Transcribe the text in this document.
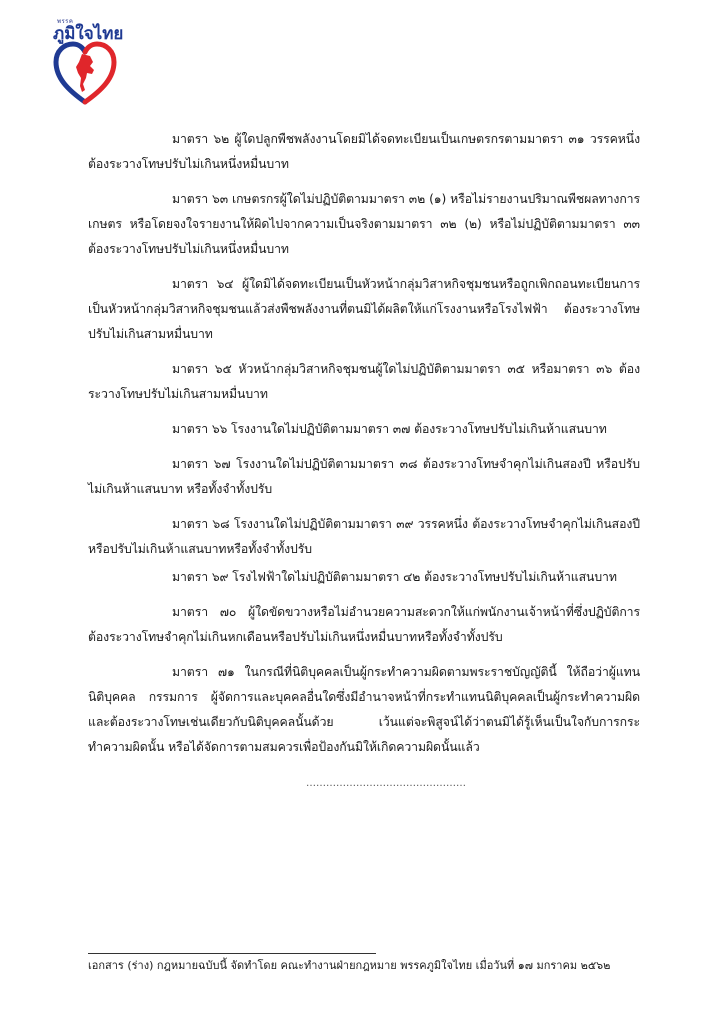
พรรค
ภูมิใจไทย

มาตรา ๖๒ ผู้ใดปลูกพืชพลังงานโดยมิได้จดทะเบียนเป็นเกษตรกรตามมาตรา ๓๑ วรรคหนึ่ง ต้องระวางโทษปรับไม่เกินหนึ่งหมื่นบาท

มาตรา ๖๓ เกษตรกรผู้ใดไม่ปฏิบัติตามมาตรา ๓๒ (๑) หรือไม่รายงานปริมาณพืชผลทางการเกษตร หรือโดยจงใจรายงานให้ผิดไปจากความเป็นจริงตามมาตรา ๓๒ (๒) หรือไม่ปฏิบัติตามมาตรา ๓๓ ต้องระวางโทษปรับไม่เกินหนึ่งหมื่นบาท

มาตรา ๖๔ ผู้ใดมิได้จดทะเบียนเป็นหัวหน้ากลุ่มวิสาหกิจชุมชนหรือถูกเพิกถอนทะเบียนการเป็นหัวหน้ากลุ่มวิสาหกิจชุมชนแล้วส่งพืชพลังงานที่ตนมิได้ผลิตให้แก่โรงงานหรือโรงไฟฟ้า ต้องระวางโทษปรับไม่เกินสามหมื่นบาท

มาตรา ๖๕ หัวหน้ากลุ่มวิสาหกิจชุมชนผู้ใดไม่ปฏิบัติตามมาตรา ๓๕ หรือมาตรา ๓๖ ต้องระวางโทษปรับไม่เกินสามหมื่นบาท

มาตรา ๖๖ โรงงานใดไม่ปฏิบัติตามมาตรา ๓๗ ต้องระวางโทษปรับไม่เกินห้าแสนบาท

มาตรา ๖๗ โรงงานใดไม่ปฏิบัติตามมาตรา ๓๘ ต้องระวางโทษจำคุกไม่เกินสองปี หรือปรับ ไม่เกินห้าแสนบาท หรือทั้งจำทั้งปรับ

มาตรา ๖๘ โรงงานใดไม่ปฏิบัติตามมาตรา ๓๙ วรรคหนึ่ง ต้องระวางโทษจำคุกไม่เกินสองปี หรือปรับไม่เกินห้าแสนบาทหรือทั้งจำทั้งปรับ

มาตรา ๖๙ โรงไฟฟ้าใดไม่ปฏิบัติตามมาตรา ๔๒ ต้องระวางโทษปรับไม่เกินห้าแสนบาท

มาตรา ๗๐ ผู้ใดขัดขวางหรือไม่อำนวยความสะดวกให้แก่พนักงานเจ้าหน้าที่ซึ่งปฏิบัติการต้องระวางโทษจำคุกไม่เกินหกเดือนหรือปรับไม่เกินหนึ่งหมื่นบาทหรือทั้งจำทั้งปรับ

มาตรา ๗๑ ในกรณีที่นิติบุคคลเป็นผู้กระทำความผิดตามพระราชบัญญัตินี้ ให้ถือว่าผู้แทนนิติบุคคล กรรมการ ผู้จัดการและบุคคลอื่นใดซึ่งมีอำนาจหน้าที่กระทำแทนนิติบุคคลเป็นผู้กระทำความผิดและต้องระวางโทษเช่นเดียวกับนิติบุคคลนั้นด้วย เว้นแต่จะพิสูจน์ได้ว่าตนมิได้รู้เห็นเป็นใจกับการกระทำความผิดนั้น หรือได้จัดการตามสมควรเพื่อป้องกันมิให้เกิดความผิดนั้นแล้ว

…………………………………………
เอกสาร (ร่าง) กฎหมายฉบับนี้ จัดทำโดย คณะทำงานฝ่ายกฎหมาย พรรคภูมิใจไทย เมื่อวันที่ ๑๗ มกราคม ๒๕๖๒
